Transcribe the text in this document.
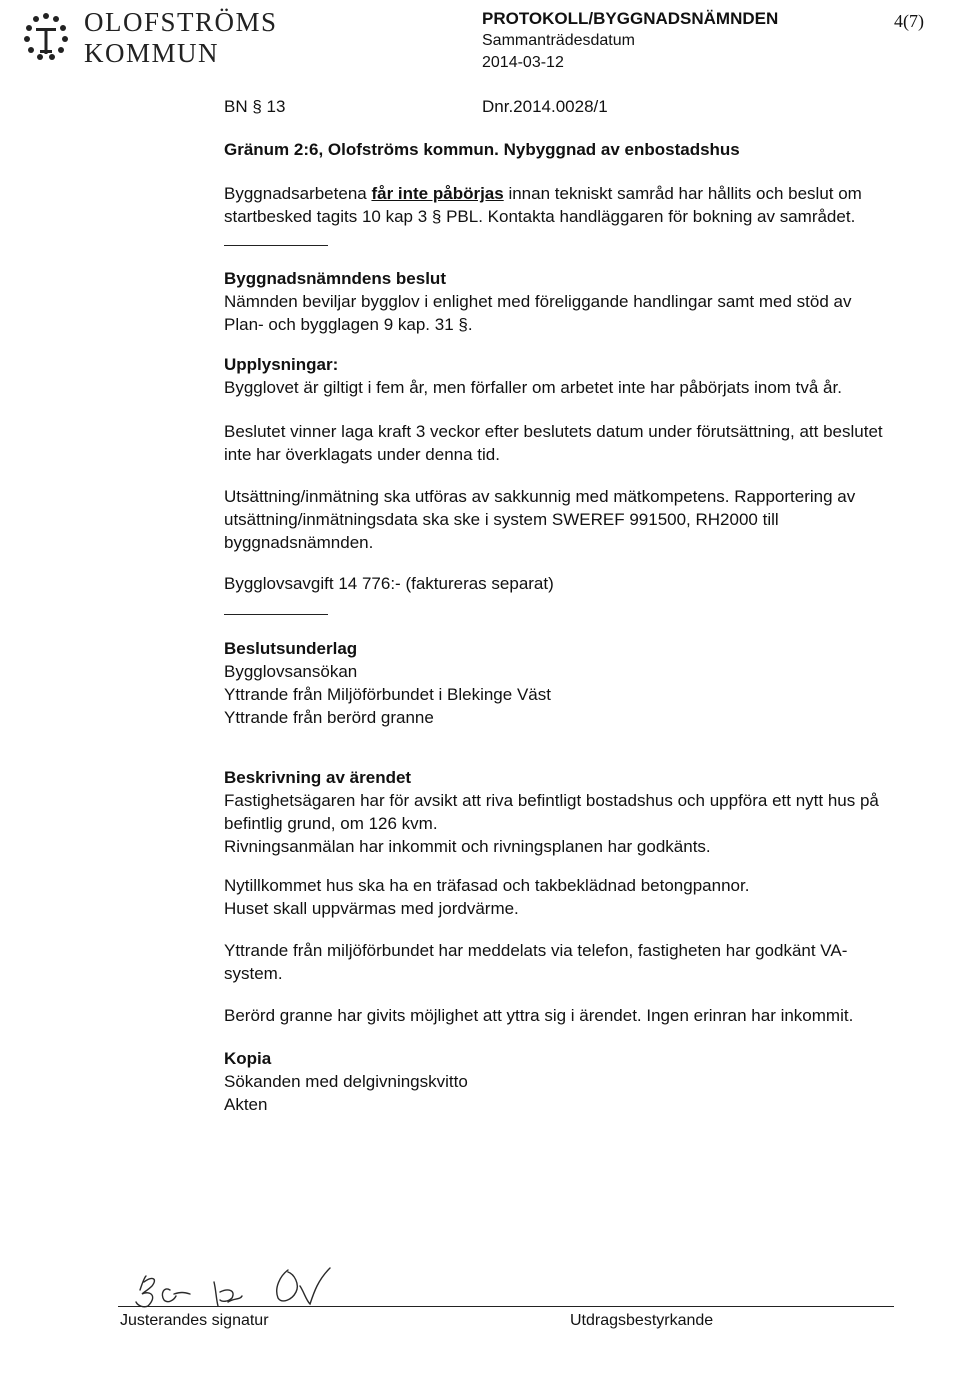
OLOFSTRÖMS
KOMMUN
PROTOKOLL/BYGGNADSNÄMNDEN
Sammanträdesdatum
2014-03-12
4(7)
BN § 13	Dnr.2014.0028/1
Gränum 2:6, Olofströms kommun. Nybyggnad av enbostadshus

Byggnadsarbetena får inte påbörjas innan tekniskt samråd har hållits och beslut om

startbesked tagits 10 kap 3 § PBL. Kontakta handläggaren för bokning av samrådet.

Byggnadsnämndens beslut

Nämnden beviljar bygglov i enlighet med föreliggande handlingar samt med stöd av

Plan- och bygglagen 9 kap. 31 §.

Upplysningar:

Bygglovet är giltigt i fem år, men förfaller om arbetet inte har påbörjats inom två år.

Beslutet vinner laga kraft 3 veckor efter beslutets datum under förutsättning, att beslutet

inte har överklagats under denna tid.

Utsättning/inmätning ska utföras av sakkunnig med mätkompetens. Rapportering av

utsättning/inmätningsdata ska ske i system SWEREF 991500, RH2000 till

byggnadsnämnden.

Bygglovsavgift 14 776:- (faktureras separat)

Beslutsunderlag

Bygglovsansökan

Yttrande från Miljöförbundet i Blekinge Väst

Yttrande från berörd granne

Beskrivning av ärendet

Fastighetsägaren har för avsikt att riva befintligt bostadshus och uppföra ett nytt hus på

befintlig grund, om 126 kvm.

Rivningsanmälan har inkommit och rivningsplanen har godkänts.

Nytillkommet hus ska ha en träfasad och takbeklädnad betongpannor.

Huset skall uppvärmas med jordvärme.

Yttrande från miljöförbundet har meddelats via telefon, fastigheten har godkänt VA-

system.

Berörd granne har givits möjlighet att yttra sig i ärendet. Ingen erinran har inkommit.

Kopia

Sökanden med delgivningskvitto

Akten

Justerandes signatur	Utdragsbestyrkande
